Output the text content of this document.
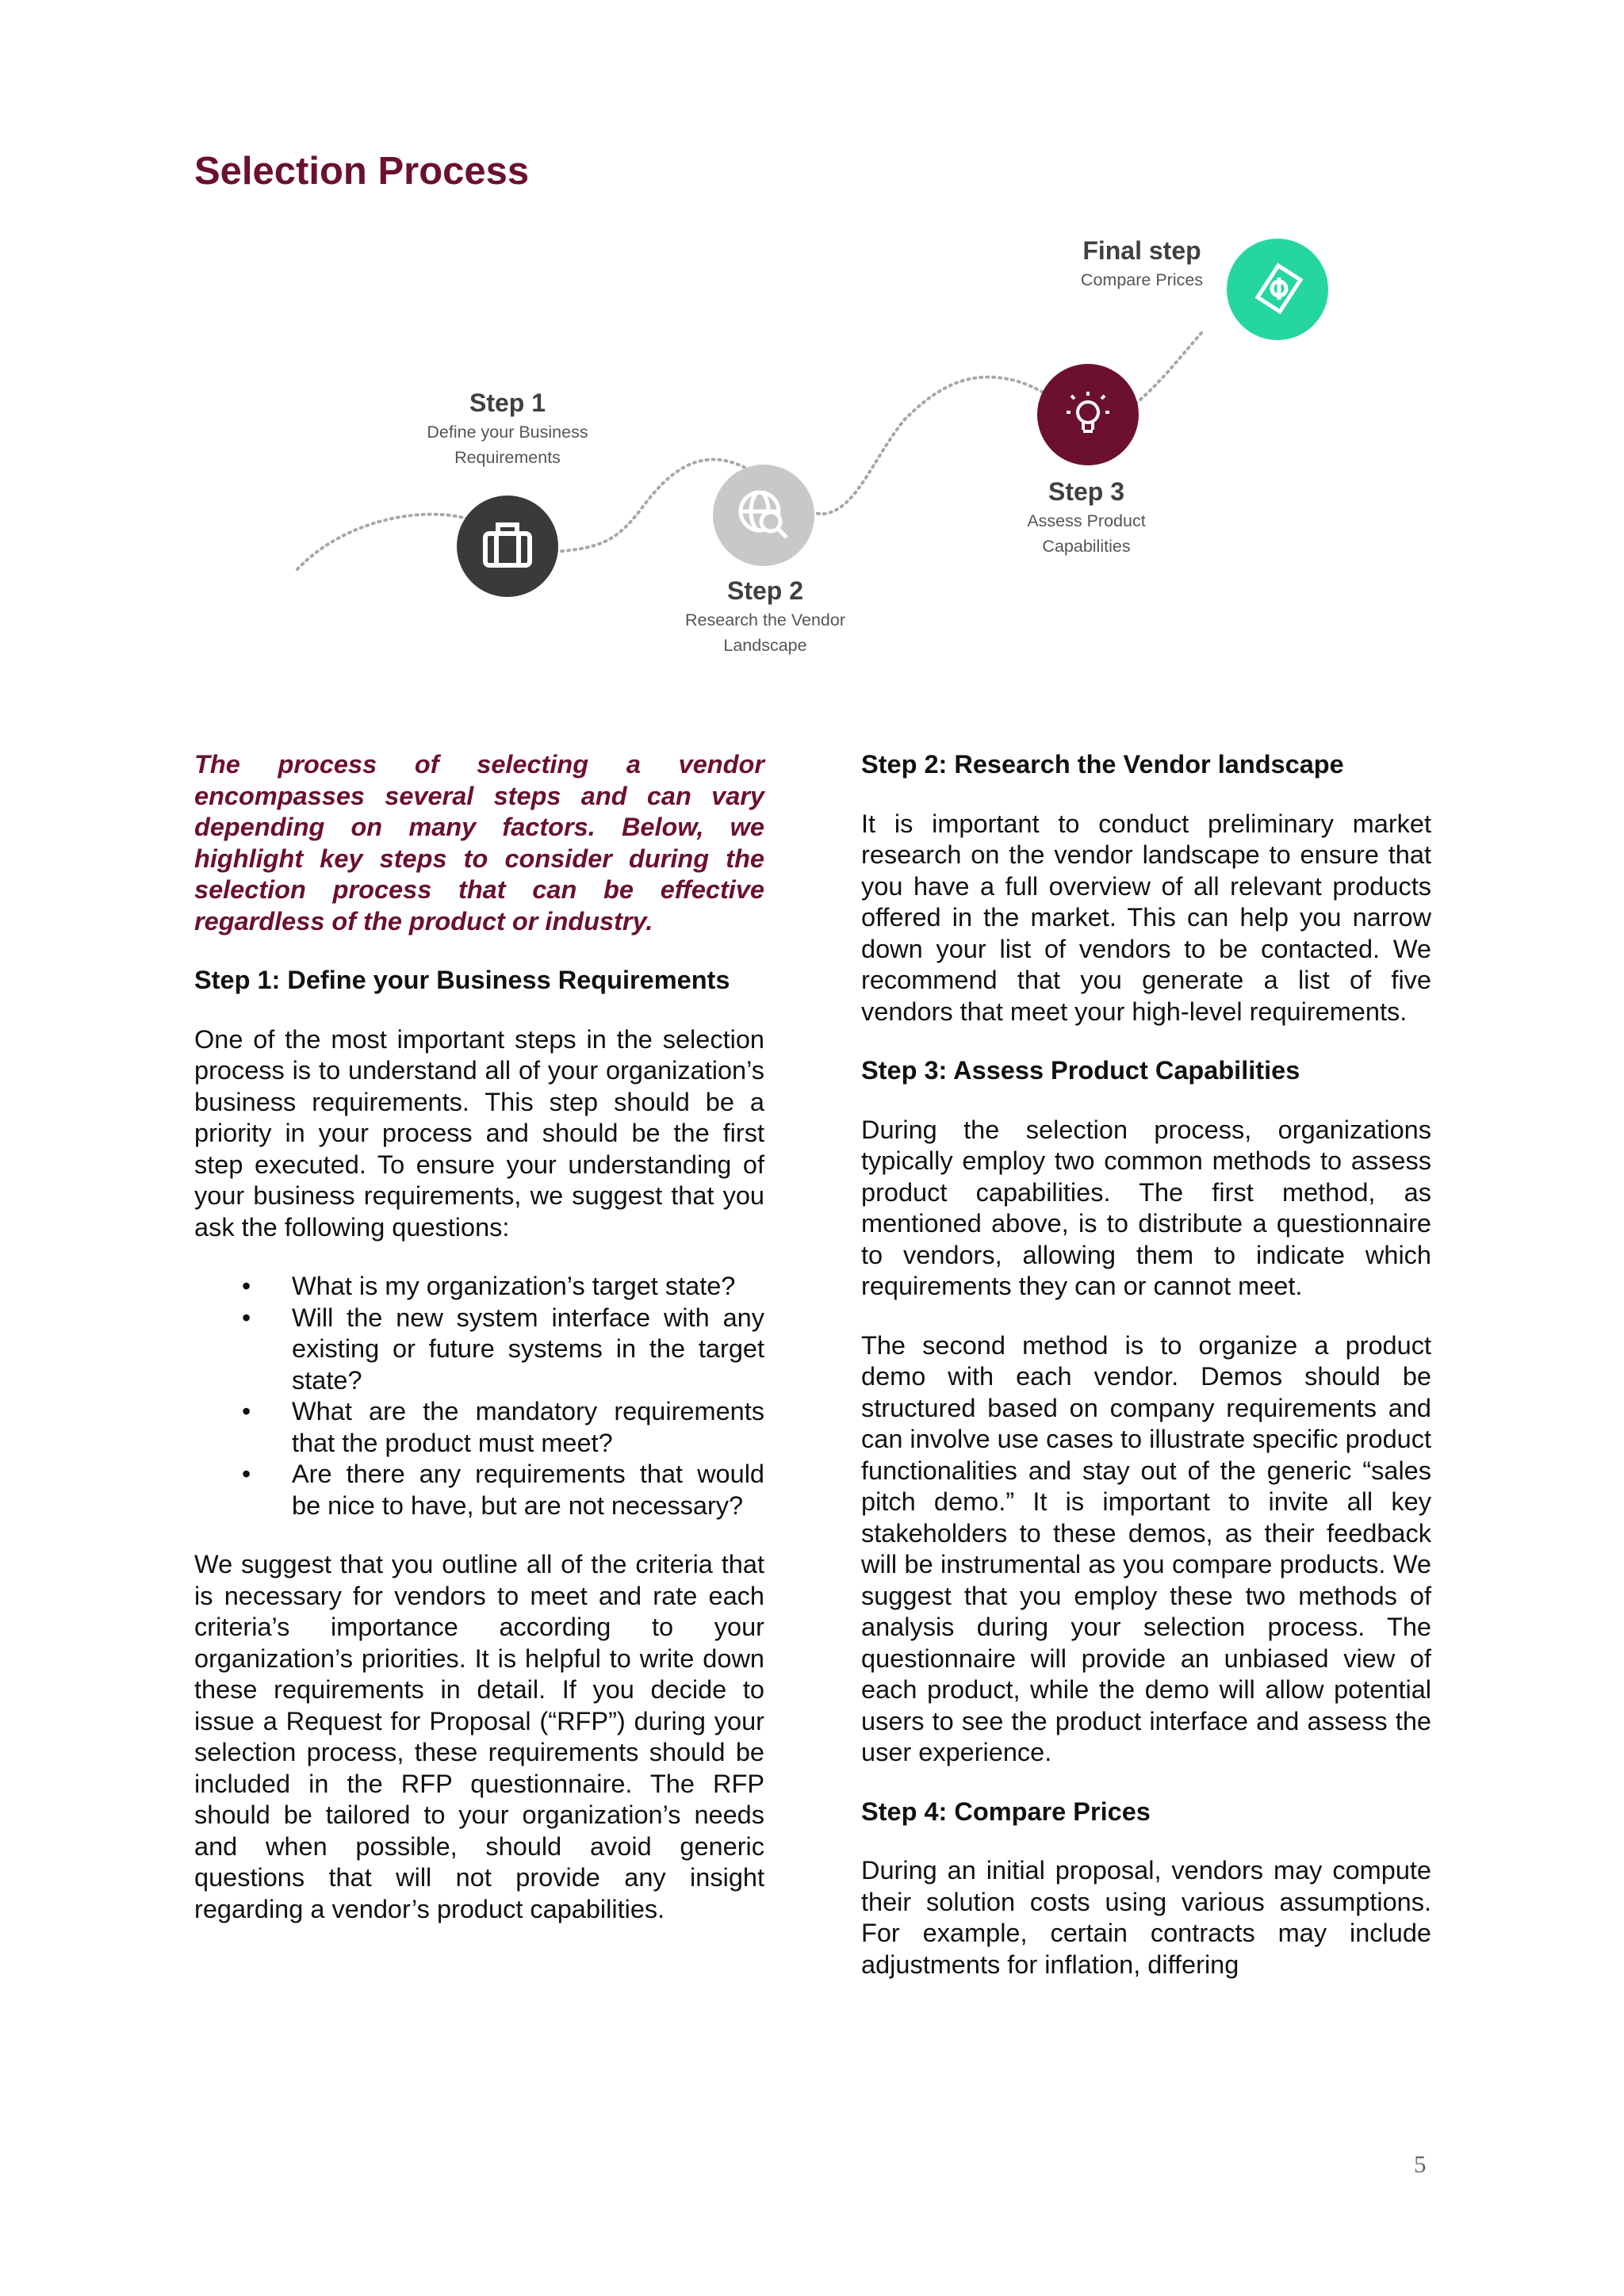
Selection Process
Step 1
Define your Business
Requirements
Step 2
Research the Vendor
Landscape
Step 3
Assess Product
Capabilities
Final step
Compare Prices

The process of selecting a vendor encompasses several steps and can vary depending on many factors. Below, we highlight key steps to consider during the selection process that can be effective regardless of the product or industry.

Step 1: Define your Business Requirements

One of the most important steps in the selection process is to understand all of your organization’s business requirements. This step should be a priority in your process and should be the first step executed. To ensure your understanding of your business requirements, we suggest that you ask the following questions:

• What is my organization’s target state?
• Will the new system interface with any existing or future systems in the target state?
• What are the mandatory requirements that the product must meet?
• Are there any requirements that would be nice to have, but are not necessary?

We suggest that you outline all of the criteria that is necessary for vendors to meet and rate each criteria’s importance according to your organization’s priorities. It is helpful to write down these requirements in detail. If you decide to issue a Request for Proposal (“RFP”) during your selection process, these requirements should be included in the RFP questionnaire. The RFP should be tailored to your organization’s needs and when possible, should avoid generic questions that will not provide any insight regarding a vendor’s product capabilities.

Step 2: Research the Vendor landscape

It is important to conduct preliminary market research on the vendor landscape to ensure that you have a full overview of all relevant products offered in the market. This can help you narrow down your list of vendors to be contacted. We recommend that you generate a list of five vendors that meet your high-level requirements.

Step 3: Assess Product Capabilities

During the selection process, organizations typically employ two common methods to assess product capabilities. The first method, as mentioned above, is to distribute a questionnaire to vendors, allowing them to indicate which requirements they can or cannot meet.

The second method is to organize a product demo with each vendor. Demos should be structured based on company requirements and can involve use cases to illustrate specific product functionalities and stay out of the generic “sales pitch demo.” It is important to invite all key stakeholders to these demos, as their feedback will be instrumental as you compare products. We suggest that you employ these two methods of analysis during your selection process. The questionnaire will provide an unbiased view of each product, while the demo will allow potential users to see the product interface and assess the user experience.

Step 4: Compare Prices

During an initial proposal, vendors may compute their solution costs using various assumptions. For example, certain contracts may include adjustments for inflation, differing

5
